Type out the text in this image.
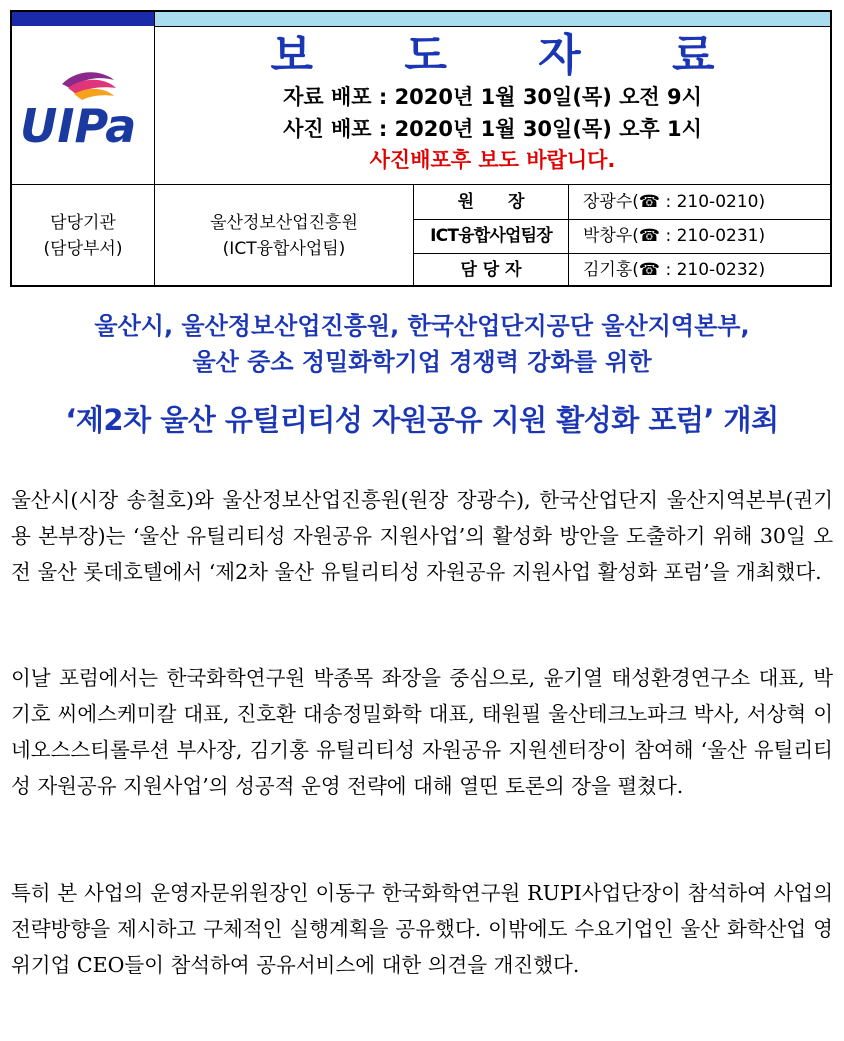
UIPa
보 도 자 료
자료 배포 : 2020년 1월 30일(목) 오전 9시
사진 배포 : 2020년 1월 30일(목) 오후 1시
사진배포후 보도 바랍니다.
담당기관
(담당부서)
울산정보산업진흥원
(ICT융합사업팀)
원　　장	장광수(☎ : 210-0210)
ICT융합사업팀장	박창우(☎ : 210-0231)
담 당 자	김기홍(☎ : 210-0232)
울산시, 울산정보산업진흥원, 한국산업단지공단 울산지역본부,
울산 중소 정밀화학기업 경쟁력 강화를 위한
‘제2차 울산 유틸리티성 자원공유 지원 활성화 포럼’ 개최

울산시(시장 송철호)와 울산정보산업진흥원(원장 장광수), 한국산업단지 울산지역본부(권기용 본부장)는 ‘울산 유틸리티성 자원공유 지원사업’의 활성화 방안을 도출하기 위해 30일 오전 울산 롯데호텔에서 ‘제2차 울산 유틸리티성 자원공유 지원사업 활성화 포럼’을 개최했다.

이날 포럼에서는 한국화학연구원 박종목 좌장을 중심으로, 윤기열 태성환경연구소 대표, 박기호 씨에스케미칼 대표, 진호환 대송정밀화학 대표, 태원필 울산테크노파크 박사, 서상혁 이네오스스티롤루션 부사장, 김기홍 유틸리티성 자원공유 지원센터장이 참여해 ‘울산 유틸리티성 자원공유 지원사업’의 성공적 운영 전략에 대해 열띤 토론의 장을 펼쳤다.

특히 본 사업의 운영자문위원장인 이동구 한국화학연구원 RUPI사업단장이 참석하여 사업의 전략방향을 제시하고 구체적인 실행계획을 공유했다. 이밖에도 수요기업인 울산 화학산업 영위기업 CEO들이 참석하여 공유서비스에 대한 의견을 개진했다.
